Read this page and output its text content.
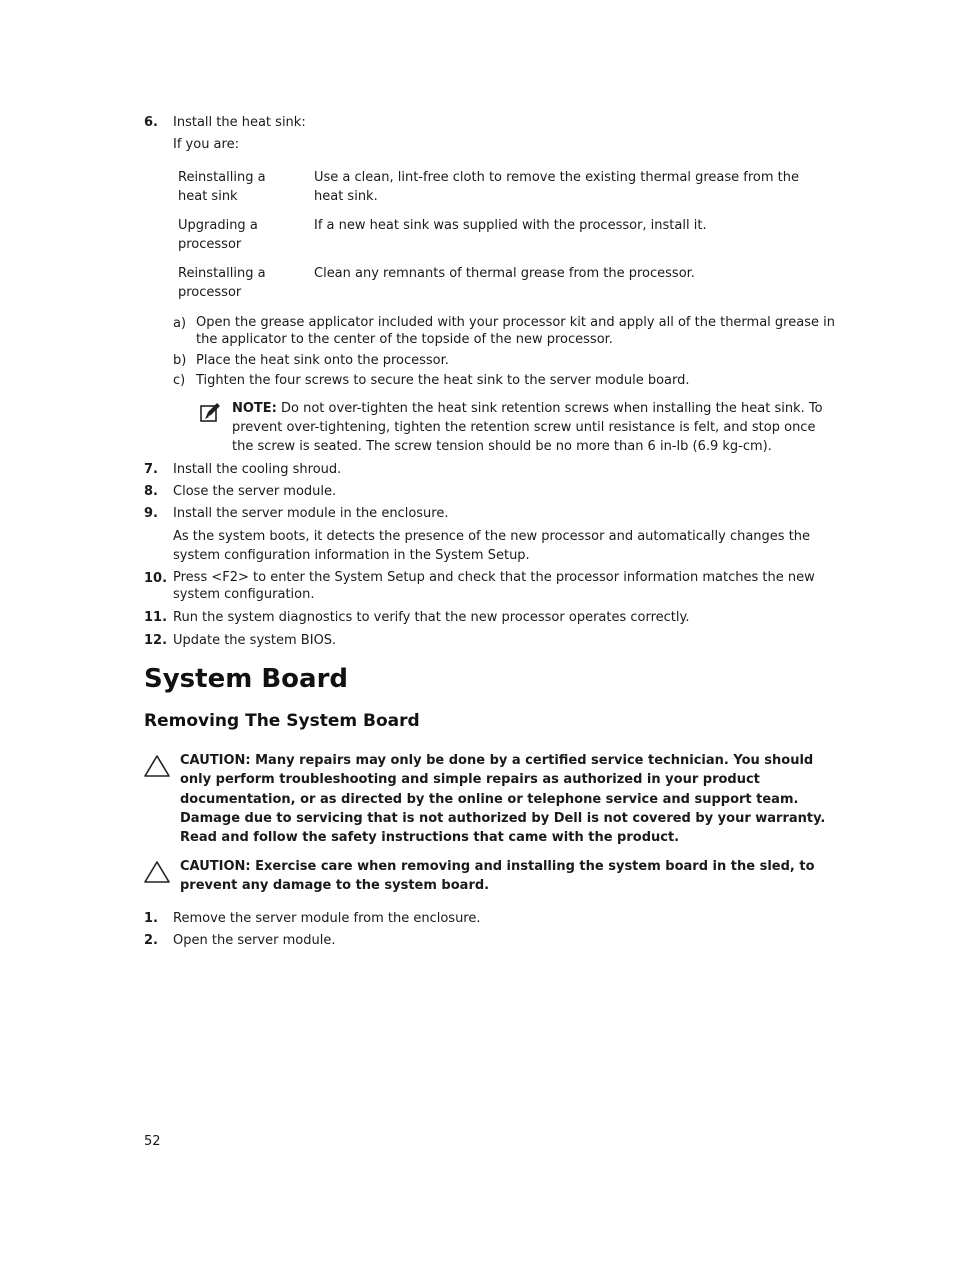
6. Install the heat sink:
If you are:
Reinstalling a heat sink
Use a clean, lint-free cloth to remove the existing thermal grease from the heat sink.
Upgrading a processor
If a new heat sink was supplied with the processor, install it.
Reinstalling a processor
Clean any remnants of thermal grease from the processor.
a) Open the grease applicator included with your processor kit and apply all of the thermal grease in the applicator to the center of the topside of the new processor.
b) Place the heat sink onto the processor.
c) Tighten the four screws to secure the heat sink to the server module board.
NOTE: Do not over-tighten the heat sink retention screws when installing the heat sink. To prevent over-tightening, tighten the retention screw until resistance is felt, and stop once the screw is seated. The screw tension should be no more than 6 in-lb (6.9 kg-cm).
7. Install the cooling shroud.
8. Close the server module.
9. Install the server module in the enclosure.
As the system boots, it detects the presence of the new processor and automatically changes the system configuration information in the System Setup.
10. Press <F2> to enter the System Setup and check that the processor information matches the new system configuration.
11. Run the system diagnostics to verify that the new processor operates correctly.
12. Update the system BIOS.
System Board
Removing The System Board
CAUTION: Many repairs may only be done by a certified service technician. You should only perform troubleshooting and simple repairs as authorized in your product documentation, or as directed by the online or telephone service and support team. Damage due to servicing that is not authorized by Dell is not covered by your warranty. Read and follow the safety instructions that came with the product.
CAUTION: Exercise care when removing and installing the system board in the sled, to prevent any damage to the system board.
1. Remove the server module from the enclosure.
2. Open the server module.
52
